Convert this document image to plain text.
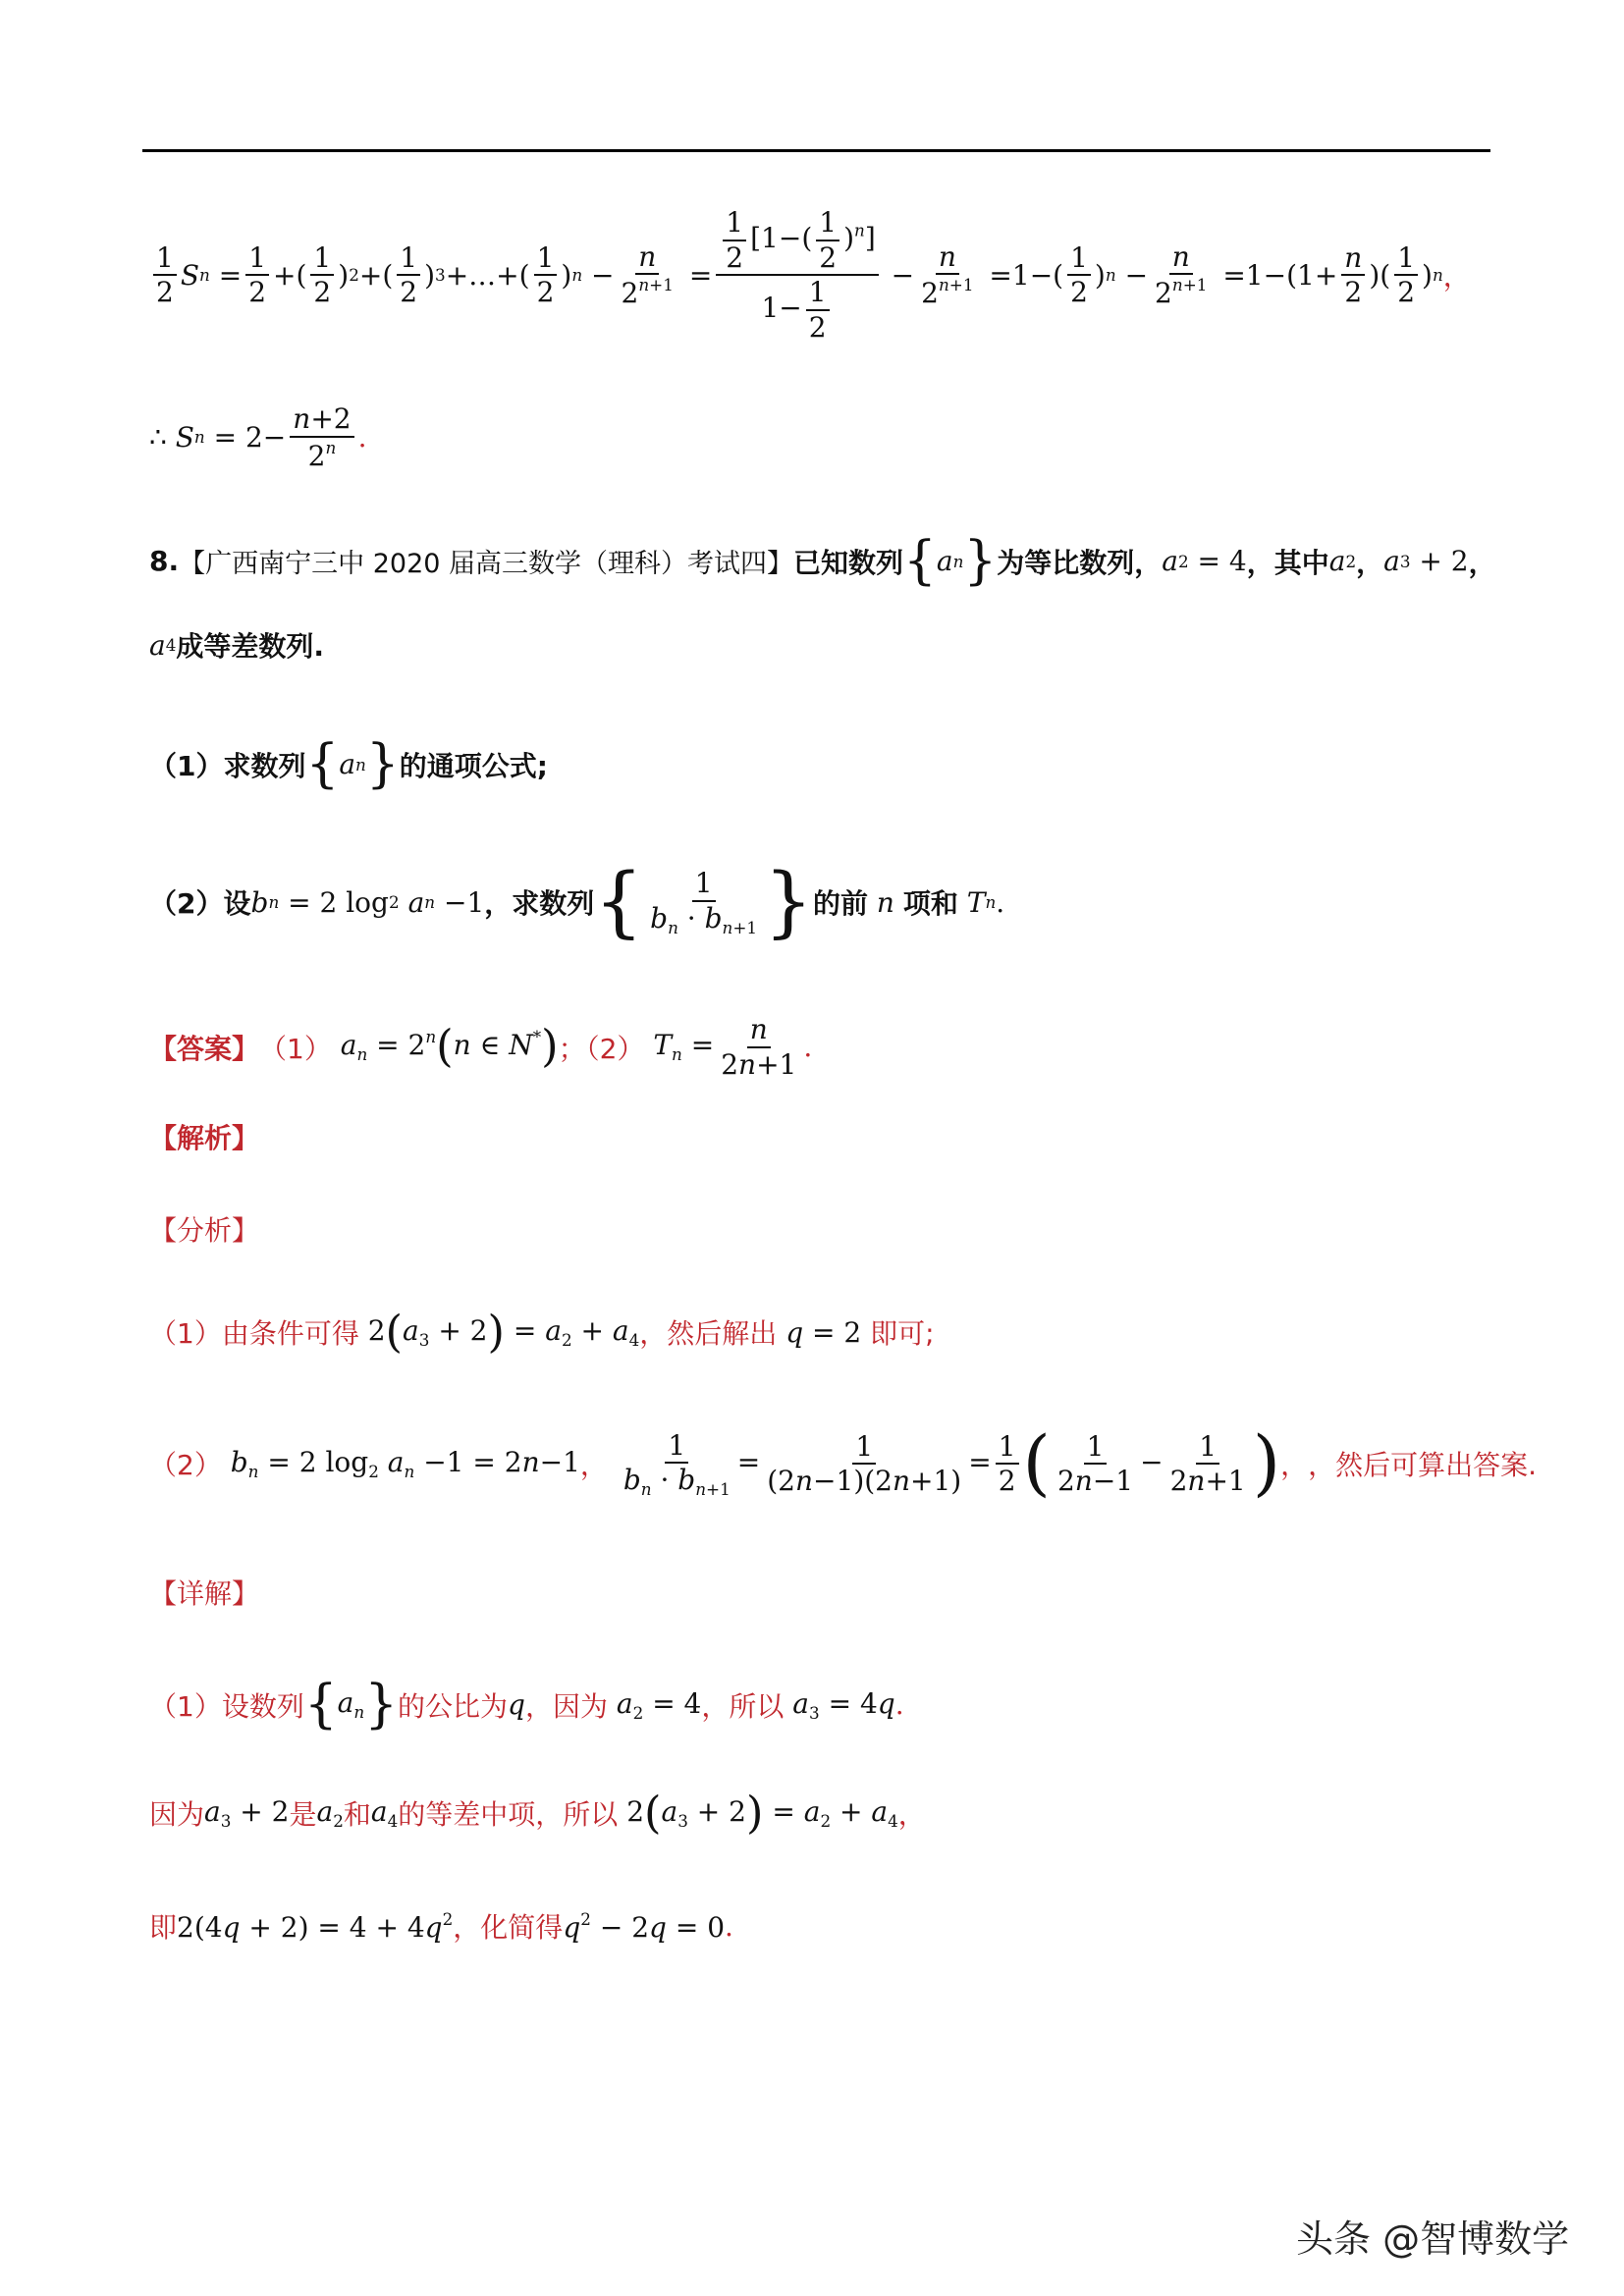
$\frac{1}{2}$ S $n = \frac{1}{2}$ +( $\frac{1}{2}$ ) 2 +( $\frac{1}{2}$ ) 3 +…+( $\frac{1}{2}$ ) $n - \frac{n}{2^{n+1}} = \frac{\frac{1}{2} [1-( \frac{1}{2} )^n]}{1- \frac{1}{2}} - \frac{n}{2^{n+1}} =1-( \frac{1}{2}$ ) $n - \frac{n}{2^{n+1}} =1-(1+ \frac{n}{2}$ )( $\frac{1}{2}$ ) n ，
∴ S $n = 2- \frac{n+2}{2^n}$ .
8. 【广西南宁三中 2020 届高三数学（理科）考试四】 已知数列 { a n } 为等比数列， a 2 = 4 ，其中 a 2 ， a 3 + 2 ，
a 4 成等差数列.
（1） 求数列 { a n } 的通项公式;
（2） 设 b n = 2 log 2
a n −1 ，求数列 { $\frac{1}{b_n \cdot b_{n+1}}$ } 的前
n
项和
T n .
【答案】 （1） $a_n = 2^n(n$ ∈ N*) ；（2） $T_n = \frac{n}{2n+1}$ .
【解析】
【分析】
（1）由条件可得 $2(a_3 + 2) = a_2 + a_4$ ，然后解出 q = 2 即可;
（2） $b_n = 2$ $\log_2 a_n -1 = 2n-1$ ，
$\frac{1}{b_n \cdot b_{n+1}} = \frac{1}{(2n-1)(2n+1)} = \frac{1}{2}$ ( $\frac{1}{2n-1} - \frac{1}{2n+1}$ ) ， ，然后可算出答案.
【详解】
（1）设数列 $\{a_n\}$ 的公比为 q ，因为 $a_2 = 4$ ，所以 $a_3 = 4q$ .
因为 $a_3 + 2$ 是 $a_2$ 和 $a_4$ 的等差中项，所以 $2(a_3 + 2) = a_2 + a_4$ ，
即 $2(4q + 2) = 4 + 4q^2$ ，化简得 $q^2 - 2q = 0$ .
头条 @智博数学
